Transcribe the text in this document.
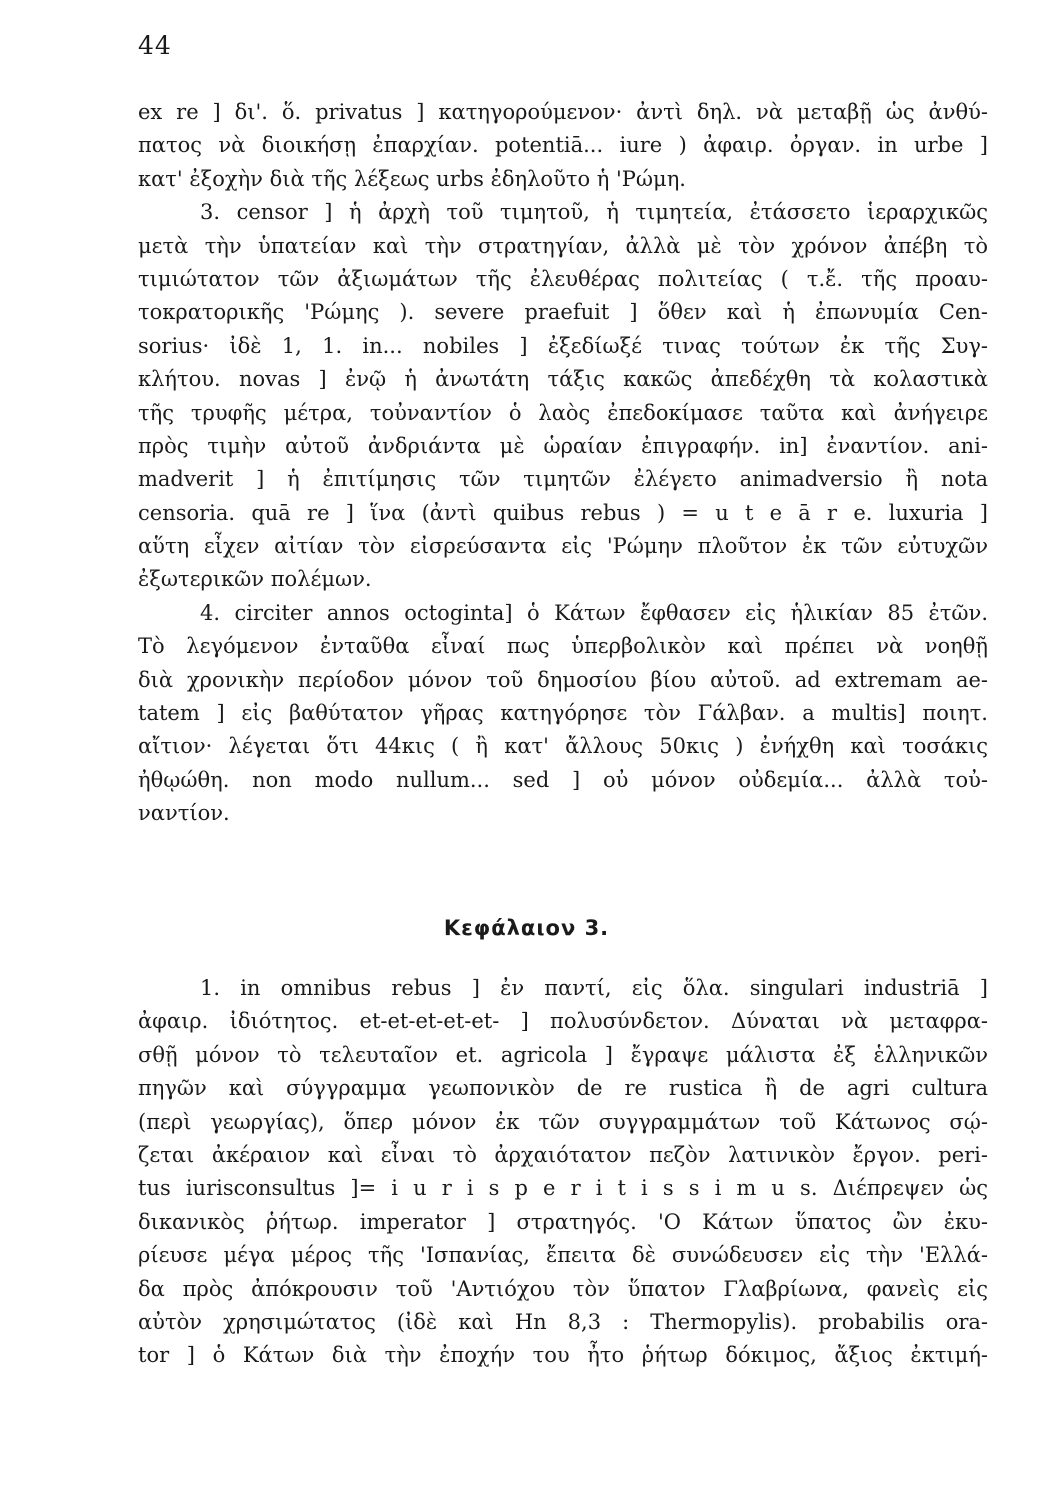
44
ex re ] δι'. ὅ. privatus ] κατηγορούμενον· ἀντὶ δηλ. νὰ μεταβῇ ὡς ἀνθύ-
πατος νὰ διοικήσῃ ἐπαρχίαν. potentiā... iure ) ἀφαιρ. ὀργαν. in urbe ]
κατ' ἐξοχὴν διὰ τῆς λέξεως urbs ἐδηλοῦτο ἡ 'Ρώμη.
3. censor ] ἡ ἀρχὴ τοῦ τιμητοῦ, ἡ τιμητεία, ἐτάσσετο ἱεραρχικῶς
μετὰ τὴν ὑπατείαν καὶ τὴν στρατηγίαν, ἀλλὰ μὲ τὸν χρόνον ἀπέβη τὸ
τιμιώτατον τῶν ἀξιωμάτων τῆς ἐλευθέρας πολιτείας ( τ.ἔ. τῆς προαυ-
τοκρατορικῆς 'Ρώμης ). severe praefuit ] ὅθεν καὶ ἡ ἐπωνυμία Cen-
sorius· ἰδὲ 1, 1. in... nobiles ] ἐξεδίωξέ τινας τούτων ἐκ τῆς Συγ-
κλήτου. novas ] ἐνῷ ἡ ἀνωτάτη τάξις κακῶς ἀπεδέχθη τὰ κολαστικὰ
τῆς τρυφῆς μέτρα, τοὐναντίον ὁ λαὸς ἐπεδοκίμασε ταῦτα καὶ ἀνήγειρε
πρὸς τιμὴν αὐτοῦ ἀνδριάντα μὲ ὡραίαν ἐπιγραφήν. in] ἐναντίον. ani-
madverit ] ἡ ἐπιτίμησις τῶν τιμητῶν ἐλέγετο animadversio ἢ nota
censoria. quā re ] ἵνα (ἀντὶ quibus rebus ) = u t e ā r e. luxuria ]
αὕτη εἶχεν αἰτίαν τὸν εἰσρεύσαντα εἰς 'Ρώμην πλοῦτον ἐκ τῶν εὐτυχῶν
ἐξωτερικῶν πολέμων.
4. circiter annos octoginta] ὁ Κάτων ἔφθασεν εἰς ἡλικίαν 85 ἐτῶν.
Τὸ λεγόμενον ἐνταῦθα εἶναί πως ὑπερβολικὸν καὶ πρέπει νὰ νοηθῇ
διὰ χρονικὴν περίοδον μόνον τοῦ δημοσίου βίου αὐτοῦ. ad extremam ae-
tatem ] εἰς βαθύτατον γῆρας κατηγόρησε τὸν Γάλβαν. a multis] ποιητ.
αἴτιον· λέγεται ὅτι 44κις ( ἢ κατ' ἄλλους 50κις ) ἐνήχθη καὶ τοσάκις
ἠθῳώθη. non modo nullum... sed ] οὐ μόνον οὐδεμία... ἀλλὰ τοὐ-
ναντίον.
Κεφάλαιον 3.
1. in omnibus rebus ] ἐν παντί, εἰς ὅλα. singulari industriā ]
ἀφαιρ. ἰδιότητος. et-et-et-et-et- ] πολυσύνδετον. Δύναται νὰ μεταφρα-
σθῇ μόνον τὸ τελευταῖον et. agricola ] ἔγραψε μάλιστα ἐξ ἑλληνικῶν
πηγῶν καὶ σύγγραμμα γεωπονικὸν de re rustica ἢ de agri cultura
(περὶ γεωργίας), ὅπερ μόνον ἐκ τῶν συγγραμμάτων τοῦ Κάτωνος σῴ-
ζεται ἀκέραιον καὶ εἶναι τὸ ἀρχαιότατον πεζὸν λατινικὸν ἔργον. peri-
tus iurisconsultus ]= i u r i s p e r i t i s s i m u s. Διέπρεψεν ὡς
δικανικὸς ῥήτωρ. imperator ] στρατηγός. 'Ο Κάτων ὕπατος ὢν ἐκυ-
ρίευσε μέγα μέρος τῆς 'Ισπανίας, ἔπειτα δὲ συνώδευσεν εἰς τὴν 'Ελλά-
δα πρὸς ἀπόκρουσιν τοῦ 'Αντιόχου τὸν ὕπατον Γλαβρίωνα, φανεὶς εἰς
αὐτὸν χρησιμώτατος (ἰδὲ καὶ Hn 8,3 : Thermopylis). probabilis ora-
tor ] ὁ Κάτων διὰ τὴν ἐποχήν του ἦτο ῥήτωρ δόκιμος, ἄξιος ἐκτιμή-
